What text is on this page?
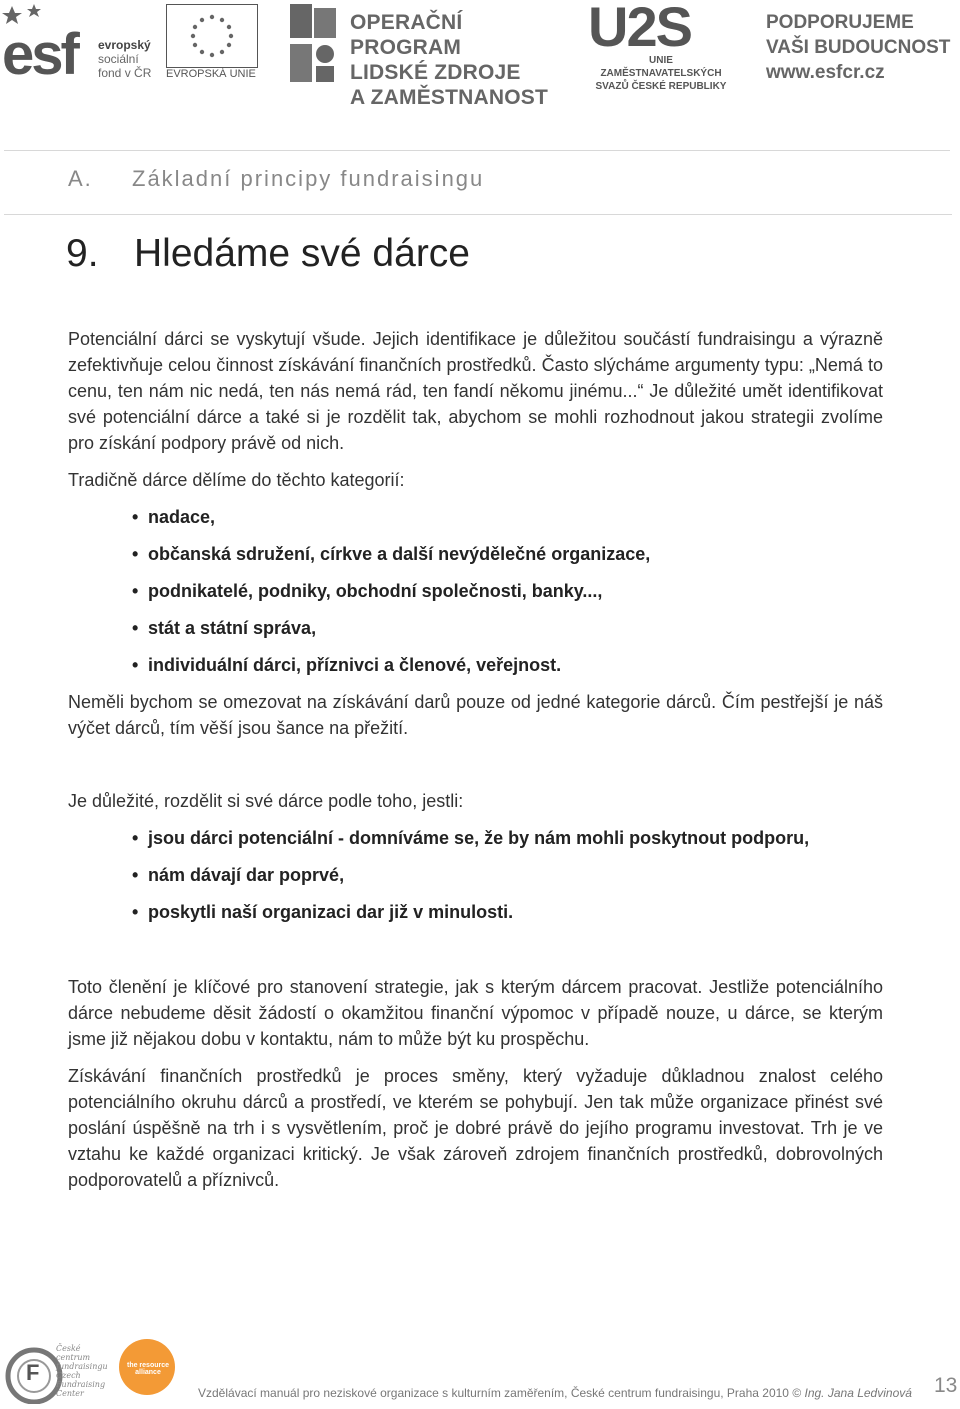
esf evropský
sociální
fond v ČR EVROPSKÁ UNIE
OPERAČNÍ PROGRAM
LIDSKÉ ZDROJE
A ZAMĚSTNANOST
U2S
UNIE ZAMĚSTNAVATELSKÝCH
SVAZŮ ČESKÉ REPUBLIKY
PODPORUJEME
VAŠI BUDOUCNOST
www.esfcr.cz
A. Základní principy fundraisingu
9. Hledáme své dárce

Potenciální dárci se vyskytují všude. Jejich identifikace je důležitou součástí fundraisingu a výrazně zefektivňuje celou činnost získávání finančních prostředků. Často slýcháme argumenty typu: „Nemá to cenu, ten nám nic nedá, ten nás nemá rád, ten fandí někomu jinému...“ Je důležité umět identifikovat své potenciální dárce a také si je rozdělit tak, abychom se mohli rozhodnout jakou strategii zvolíme pro získání podpory právě od nich.

Tradičně dárce dělíme do těchto kategorií:

• nadace,
• občanská sdružení, církve a další nevýdělečné organizace,
• podnikatelé, podniky, obchodní společnosti, banky...,
• stát a státní správa,
• individuální dárci, příznivci a členové, veřejnost.

Neměli bychom se omezovat na získávání darů pouze od jedné kategorie dárců. Čím pestřejší je náš výčet dárců, tím věší jsou šance na přežití.

Je důležité, rozdělit si své dárce podle toho, jestli:

• jsou dárci potenciální - domníváme se, že by nám mohli poskytnout podporu,
• nám dávají dar poprvé,
• poskytli naší organizaci dar již v minulosti.

Toto členění je klíčové pro stanovení strategie, jak s kterým dárcem pracovat. Jestliže potenciálního dárce nebudeme děsit žádostí o okamžitou finanční výpomoc v případě nouze, u dárce, se kterým jsme již nějakou dobu v kontaktu, nám to může být ku prospěchu.

Získávání finančních prostředků je proces směny, který vyžaduje důkladnou znalost celého potenciálního okruhu dárců a prostředí, ve kterém se pohybují. Jen tak může organizace přinést své poslání úspěšně na trh i s vysvětlením, proč je dobré právě do jejího programu investovat. Trh je ve vztahu ke každé organizaci kritický. Je však zároveň zdrojem finančních prostředků, dobrovolných podporovatelů a příznivců.

F
České centrum fundraisingu Czech Fundraising Center
the resource alliance
Vzdělávací manuál pro neziskové organizace s kulturním zaměřením, České centrum fundraisingu, Praha 2010 © Ing. Jana Ledvinová 13
